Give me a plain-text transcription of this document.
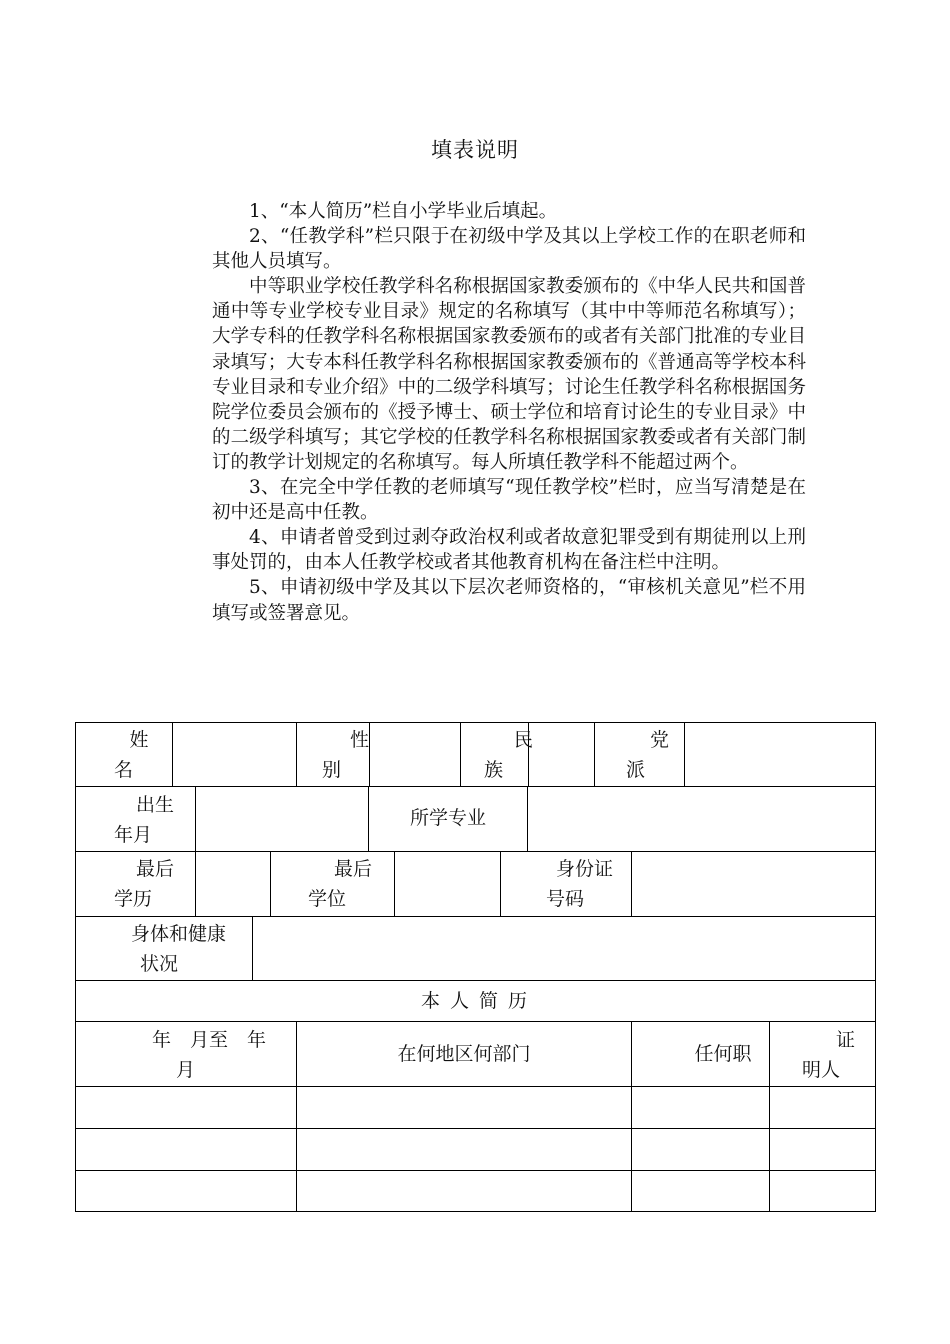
填表说明

1、“本人简历”栏自小学毕业后填起。

2、“任教学科”栏只限于在初级中学及其以上学校工作的在职老师和其他人员填写。

中等职业学校任教学科名称根据国家教委颁布的《中华人民共和国普通中等专业学校专业目录》规定的名称填写（其中中等师范名称填写）；大学专科的任教学科名称根据国家教委颁布的或者有关部门批准的专业目录填写；大专本科任教学科名称根据国家教委颁布的《普通高等学校本科专业目录和专业介绍》中的二级学科填写；讨论生任教学科名称根据国务院学位委员会颁布的《授予博士、硕士学位和培育讨论生的专业目录》中的二级学科填写；其它学校的任教学科名称根据国家教委或者有关部门制订的教学计划规定的名称填写。每人所填任教学科不能超过两个。

3、在完全中学任教的老师填写“现任教学校”栏时，应当写清楚是在初中还是高中任教。

4、申请者曾受到过剥夺政治权利或者故意犯罪受到有期徒刑以上刑事处罚的，由本人任教学校或者其他教育机构在备注栏中注明。

5、申请初级中学及其以下层次老师资格的，“审核机关意见”栏不用填写或签署意见。

姓
名
性
别
民
族
党
派
出生
年月
所学专业
最后
学历
最后
学位
身份证
号码
身体和健康
状况
本 人 简 历
年　月至　年
月
在何地区何部门	任何职
证
明人
